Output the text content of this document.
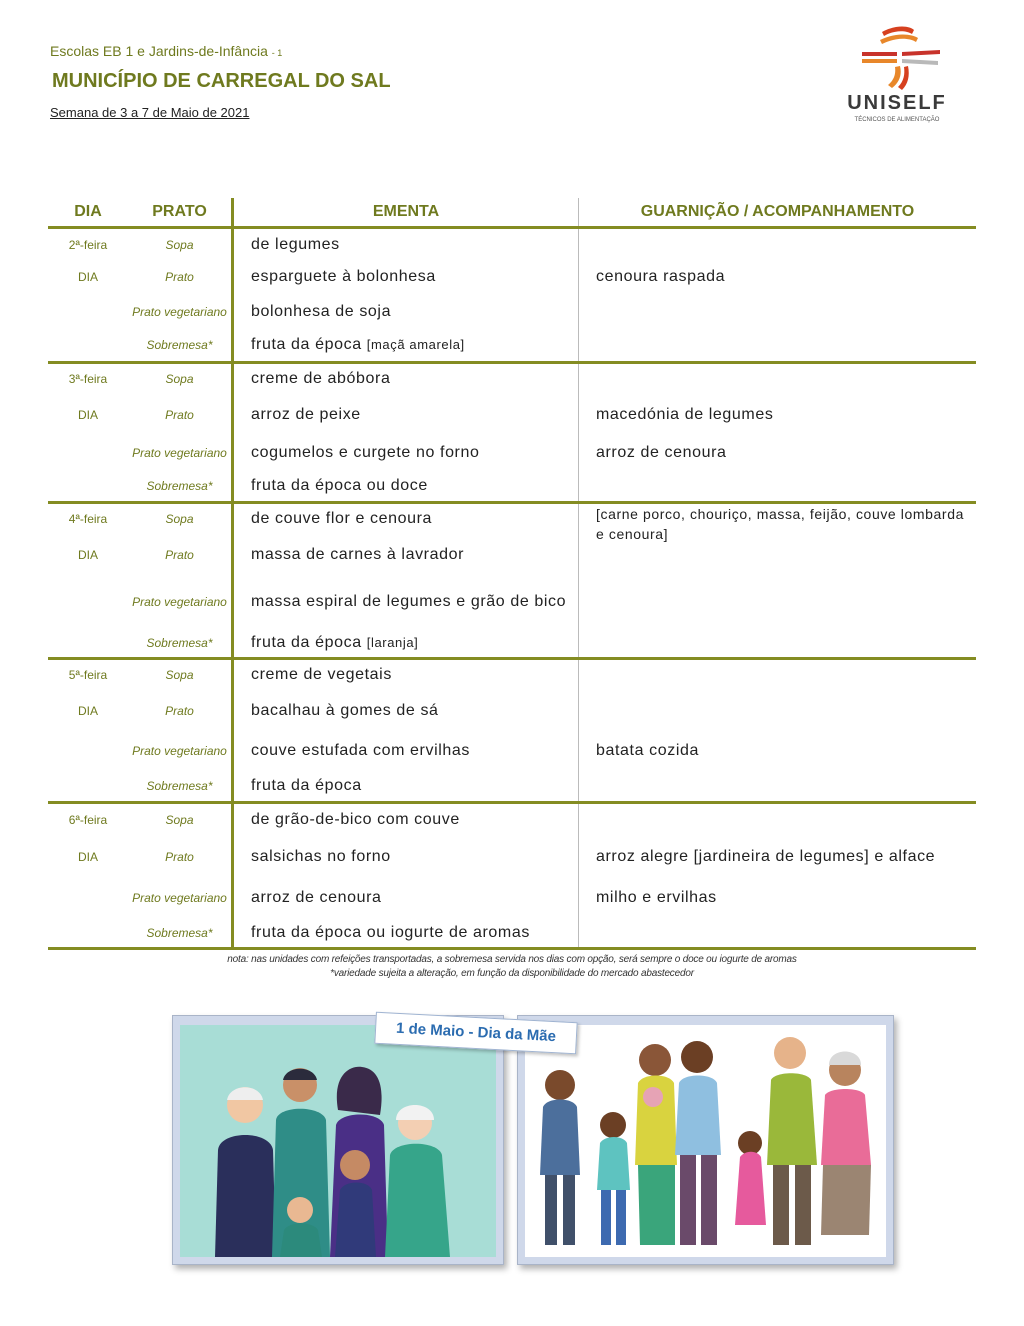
Escolas EB 1 e Jardins-de-Infância - 1
MUNICÍPIO DE CARREGAL DO SAL
Semana de 3 a 7 de Maio de 2021	UNISELF
TÉCNICOS DE ALIMENTAÇÃO
DIA	PRATO	EMENTA	GUARNIÇÃO / ACOMPANHAMENTO
2ª-feira	Sopa	de legumes	
DIA	Prato	esparguete à bolonhesa	cenoura raspada
	Prato vegetariano	bolonhesa de soja	
	Sobremesa*	fruta da época [maçã amarela]	
3ª-feira	Sopa	creme de abóbora	
DIA	Prato	arroz de peixe	macedónia de legumes
	Prato vegetariano	cogumelos e curgete no forno	arroz de cenoura
	Sobremesa*	fruta da época ou doce	
4ª-feira	Sopa	de couve flor e cenoura	[carne porco, chouriço, massa, feijão, couve lombarda e cenoura]

DIA	Prato	massa de carnes à lavrador	
	Prato vegetariano	massa espiral de legumes e grão de bico	
	Sobremesa*	fruta da época [laranja]	
5ª-feira	Sopa	creme de vegetais	
DIA	Prato	bacalhau à gomes de sá	
	Prato vegetariano	couve estufada com ervilhas	batata cozida
	Sobremesa*	fruta da época	
6ª-feira	Sopa	de grão-de-bico com couve	
DIA	Prato	salsichas no forno	arroz alegre [jardineira de legumes] e alface
	Prato vegetariano	arroz de cenoura	milho e ervilhas
	Sobremesa*	fruta da época ou iogurte de aromas	
nota: nas unidades com refeições transportadas, a sobremesa servida nos dias com opção, será sempre o doce ou iogurte de aromas
*variedade sujeita a alteração, em função da disponibilidade do mercado abastecedor
1 de Maio - Dia da Mãe
